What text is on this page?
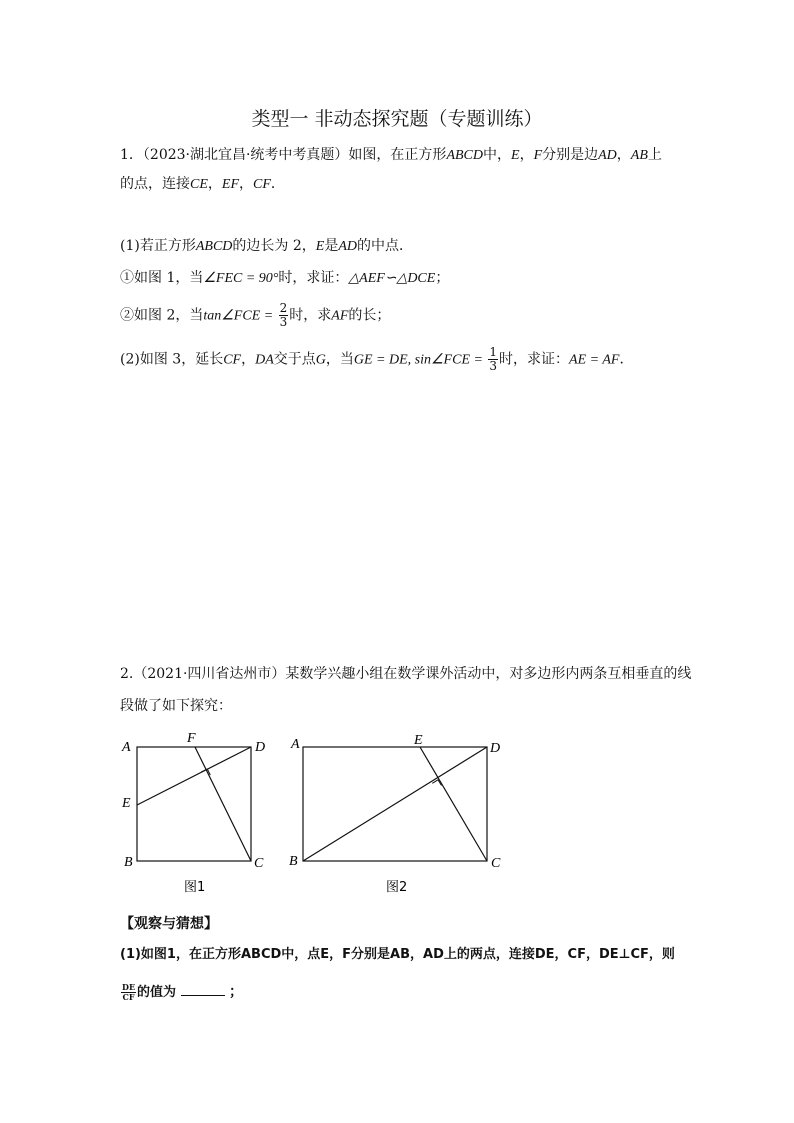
类型一 非动态探究题（专题训练）
1．（2023·湖北宜昌·统考中考真题）如图，在正方形ABCD中，E，F分别是边AD，AB上
的点，连接CE，EF，CF．
(1)若正方形ABCD的边长为 2，E是AD的中点．
①如图 1，当∠FEC = 90°时，求证：△AEF∽△DCE；
②如图 2，当tan∠FCE = $\frac{2}{3}$ 时，求AF的长；
(2)如图 3，延长CF，DA交于点G，当GE = DE, sin∠FCE = $\frac{1}{3}$ 时，求证：AE = AF．
2.（2021·四川省达州市）某数学兴趣小组在数学课外活动中，对多边形内两条互相垂直的线
段做了如下探究：
A
F
D
E
B	C
图1
A	E
D
B	C
图2
【观察与猜想】
(1)如图1，在正方形ABCD中，点E，F分别是AB，AD上的两点，连接DE，CF，DE⊥CF，则
$\frac{DE}{CF}$ 的值为	；
